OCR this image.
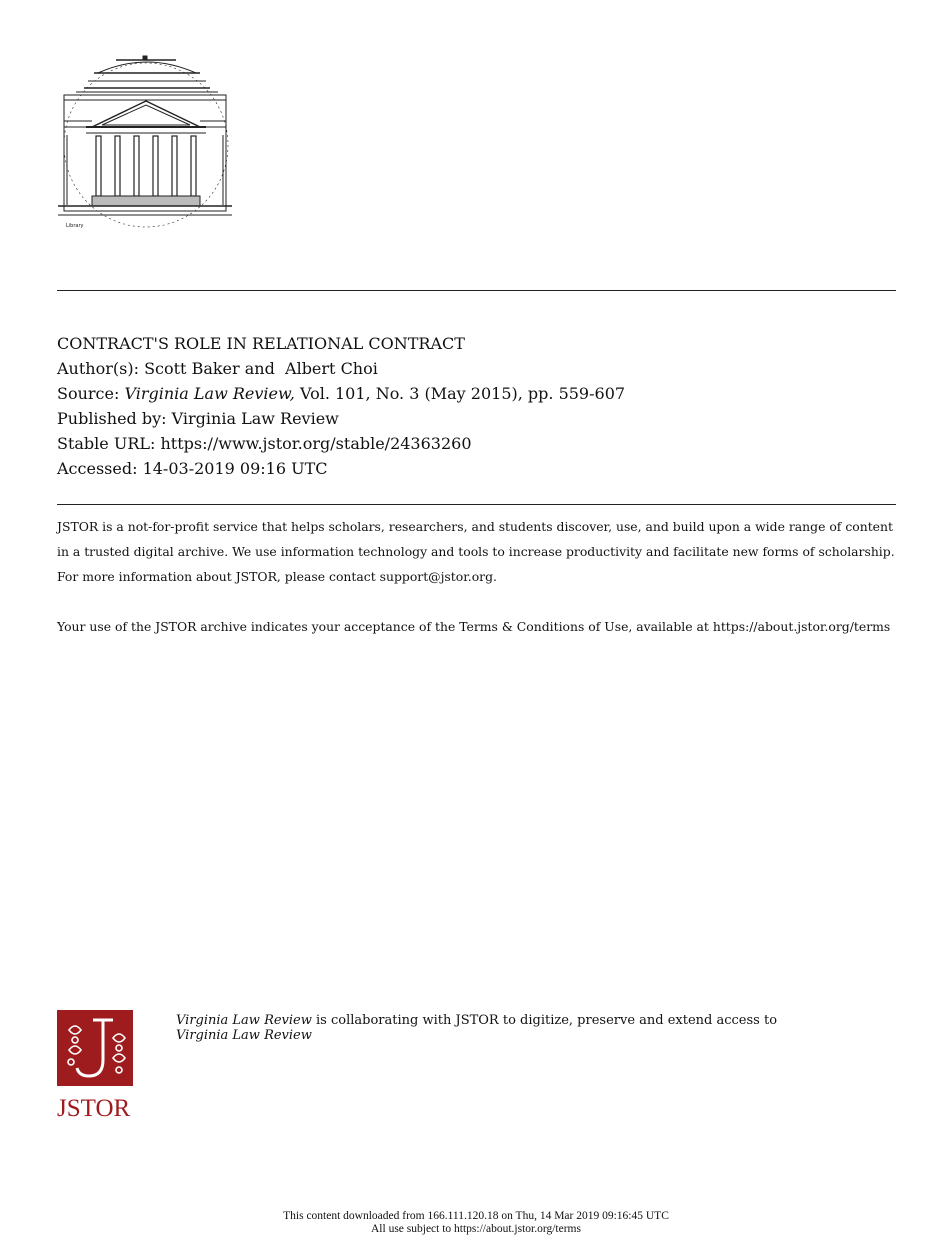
Library
CONTRACT'S ROLE IN RELATIONAL CONTRACT
Author(s): Scott Baker and  Albert Choi
Source: Virginia Law Review, Vol. 101, No. 3 (May 2015), pp. 559-607
Published by: Virginia Law Review
Stable URL: https://www.jstor.org/stable/24363260
Accessed: 14-03-2019 09:16 UTC

JSTOR is a not-for-profit service that helps scholars, researchers, and students discover, use, and build upon a wide range of content in a trusted digital archive. We use information technology and tools to increase productivity and facilitate new forms of scholarship. For more information about JSTOR, please contact support@jstor.org.

Your use of the JSTOR archive indicates your acceptance of the Terms & Conditions of Use, available at https://about.jstor.org/terms

JSTOR
Virginia Law Review is collaborating with JSTOR to digitize, preserve and extend access to
Virginia Law Review
This content downloaded from 166.111.120.18 on Thu, 14 Mar 2019 09:16:45 UTC
All use subject to https://about.jstor.org/terms
